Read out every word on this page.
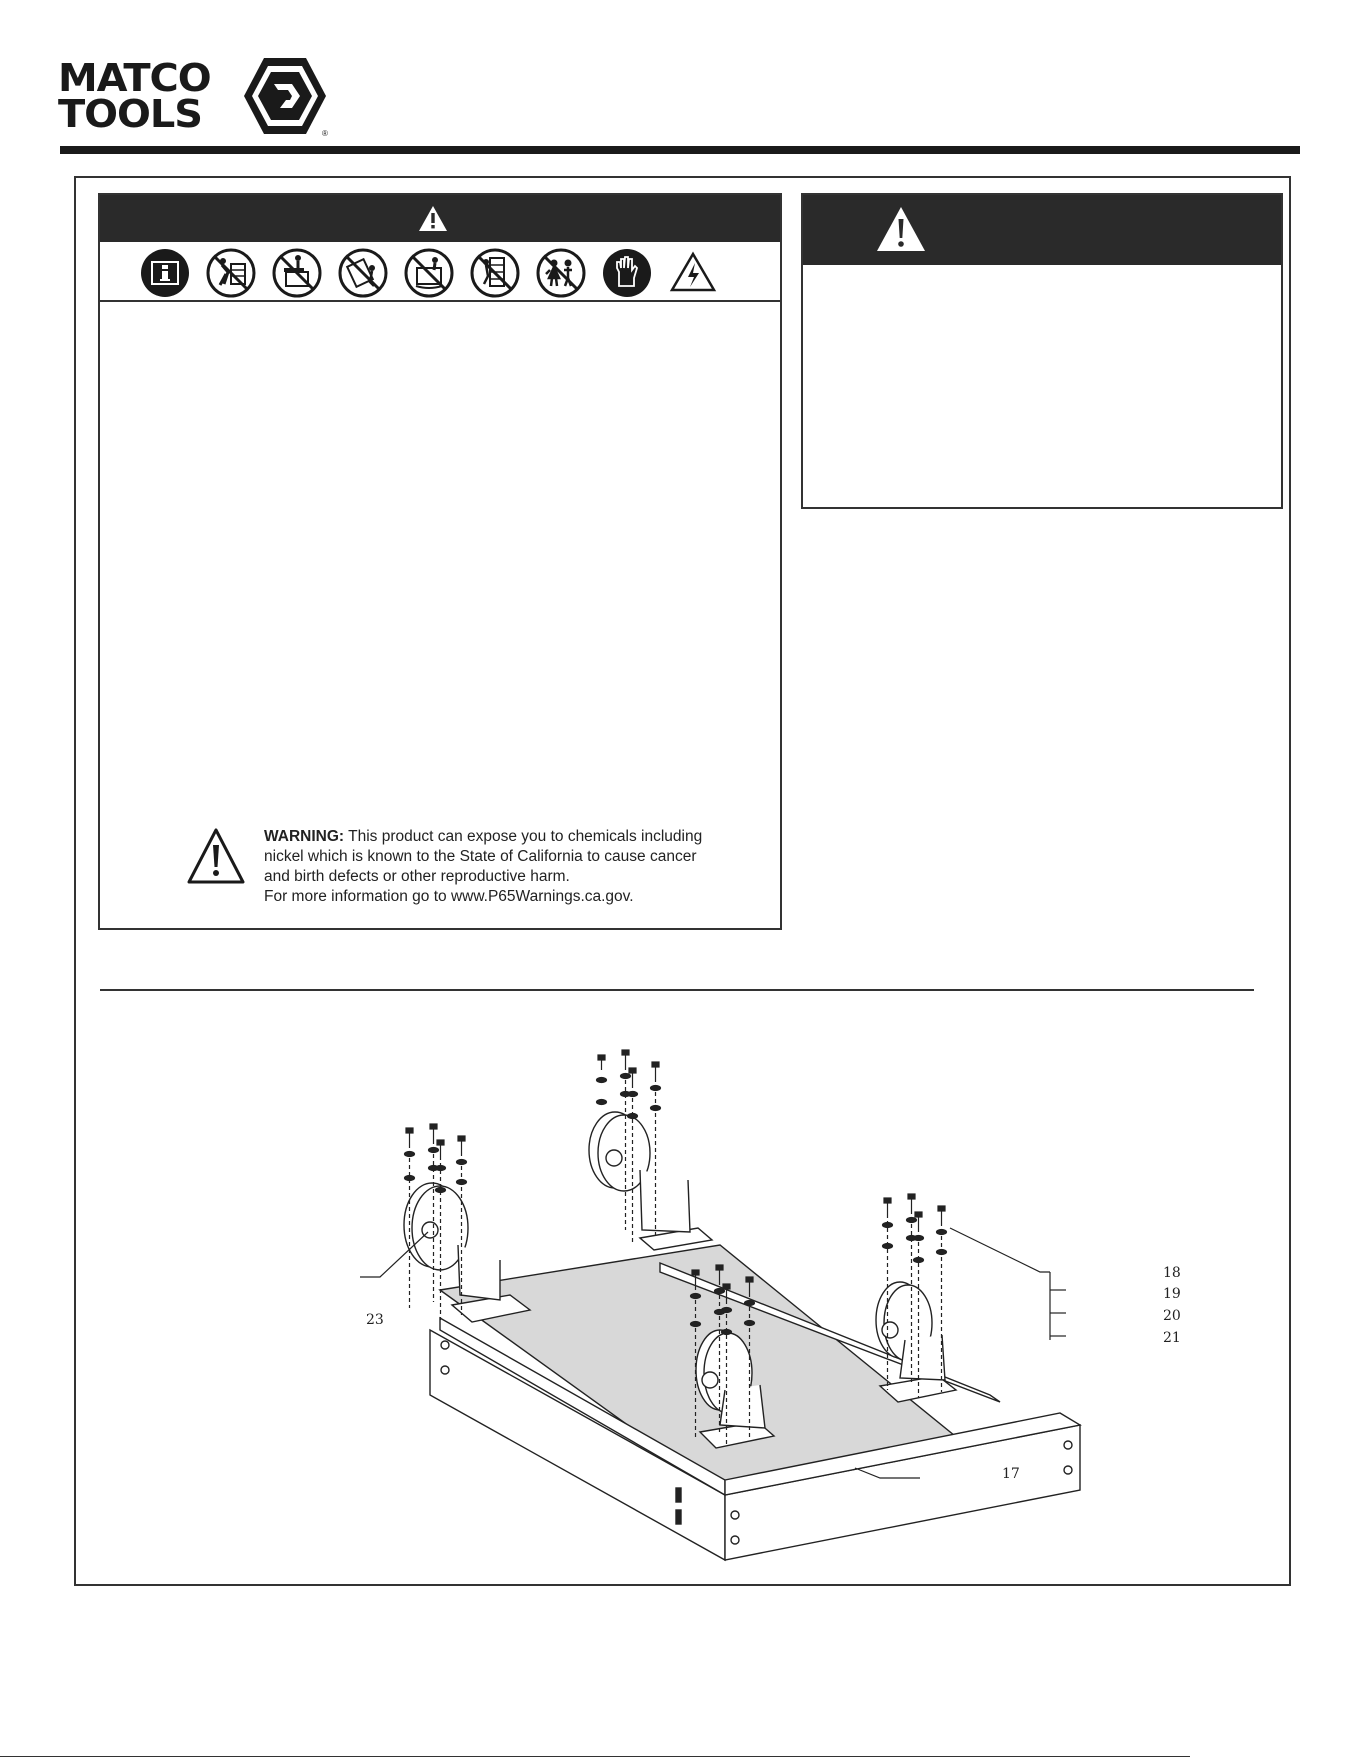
MATCO
TOOLS	®
WARNING: This product can expose you to chemicals including
nickel which is known to the State of California to cause cancer
and birth defects or other reproductive harm.
For more information go to www.P65Warnings.ca.gov.
18
19
20
21
23
17
